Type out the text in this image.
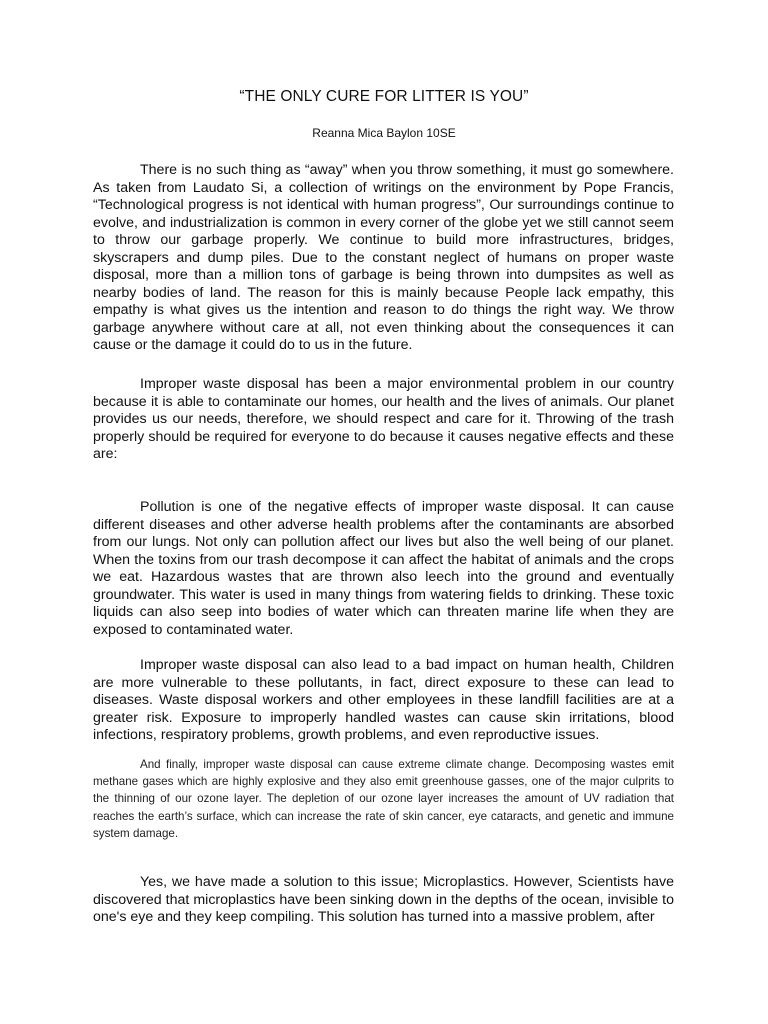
“THE ONLY CURE FOR LITTER IS YOU”

Reanna Mica Baylon 10SE

There is no such thing as “away” when you throw something, it must go somewhere. As taken from Laudato Si, a collection of writings on the environment by Pope Francis, “Technological progress is not identical with human progress”, Our surroundings continue to evolve, and industrialization is common in every corner of the globe yet we still cannot seem to throw our garbage properly. We continue to build more infrastructures, bridges, skyscrapers and dump piles. Due to the constant neglect of humans on proper waste disposal, more than a million tons of garbage is being thrown into dumpsites as well as nearby bodies of land. The reason for this is mainly because People lack empathy, this empathy is what gives us the intention and reason to do things the right way. We throw garbage anywhere without care at all, not even thinking about the consequences it can cause or the damage it could do to us in the future.

Improper waste disposal has been a major environmental problem in our country because it is able to contaminate our homes, our health and the lives of animals. Our planet provides us our needs, therefore, we should respect and care for it. Throwing of the trash properly should be required for everyone to do because it causes negative effects and these are:

Pollution is one of the negative effects of improper waste disposal. It can cause different diseases and other adverse health problems after the contaminants are absorbed from our lungs. Not only can pollution affect our lives but also the well being of our planet. When the toxins from our trash decompose it can affect the habitat of animals and the crops we eat. Hazardous wastes that are thrown also leech into the ground and eventually groundwater. This water is used in many things from watering fields to drinking. These toxic liquids can also seep into bodies of water which can threaten marine life when they are exposed to contaminated water.

Improper waste disposal can also lead to a bad impact on human health, Children are more vulnerable to these pollutants, in fact, direct exposure to these can lead to diseases. Waste disposal workers and other employees in these landfill facilities are at a greater risk. Exposure to improperly handled wastes can cause skin irritations, blood infections, respiratory problems, growth problems, and even reproductive issues.

And finally, improper waste disposal can cause extreme climate change. Decomposing wastes emit methane gases which are highly explosive and they also emit greenhouse gasses, one of the major culprits to the thinning of our ozone layer. The depletion of our ozone layer increases the amount of UV radiation that reaches the earth’s surface, which can increase the rate of skin cancer, eye cataracts, and genetic and immune system damage.

Yes, we have made a solution to this issue; Microplastics. However, Scientists have discovered that microplastics have been sinking down in the depths of the ocean, invisible to one's eye and they keep compiling. This solution has turned into a massive problem, after
